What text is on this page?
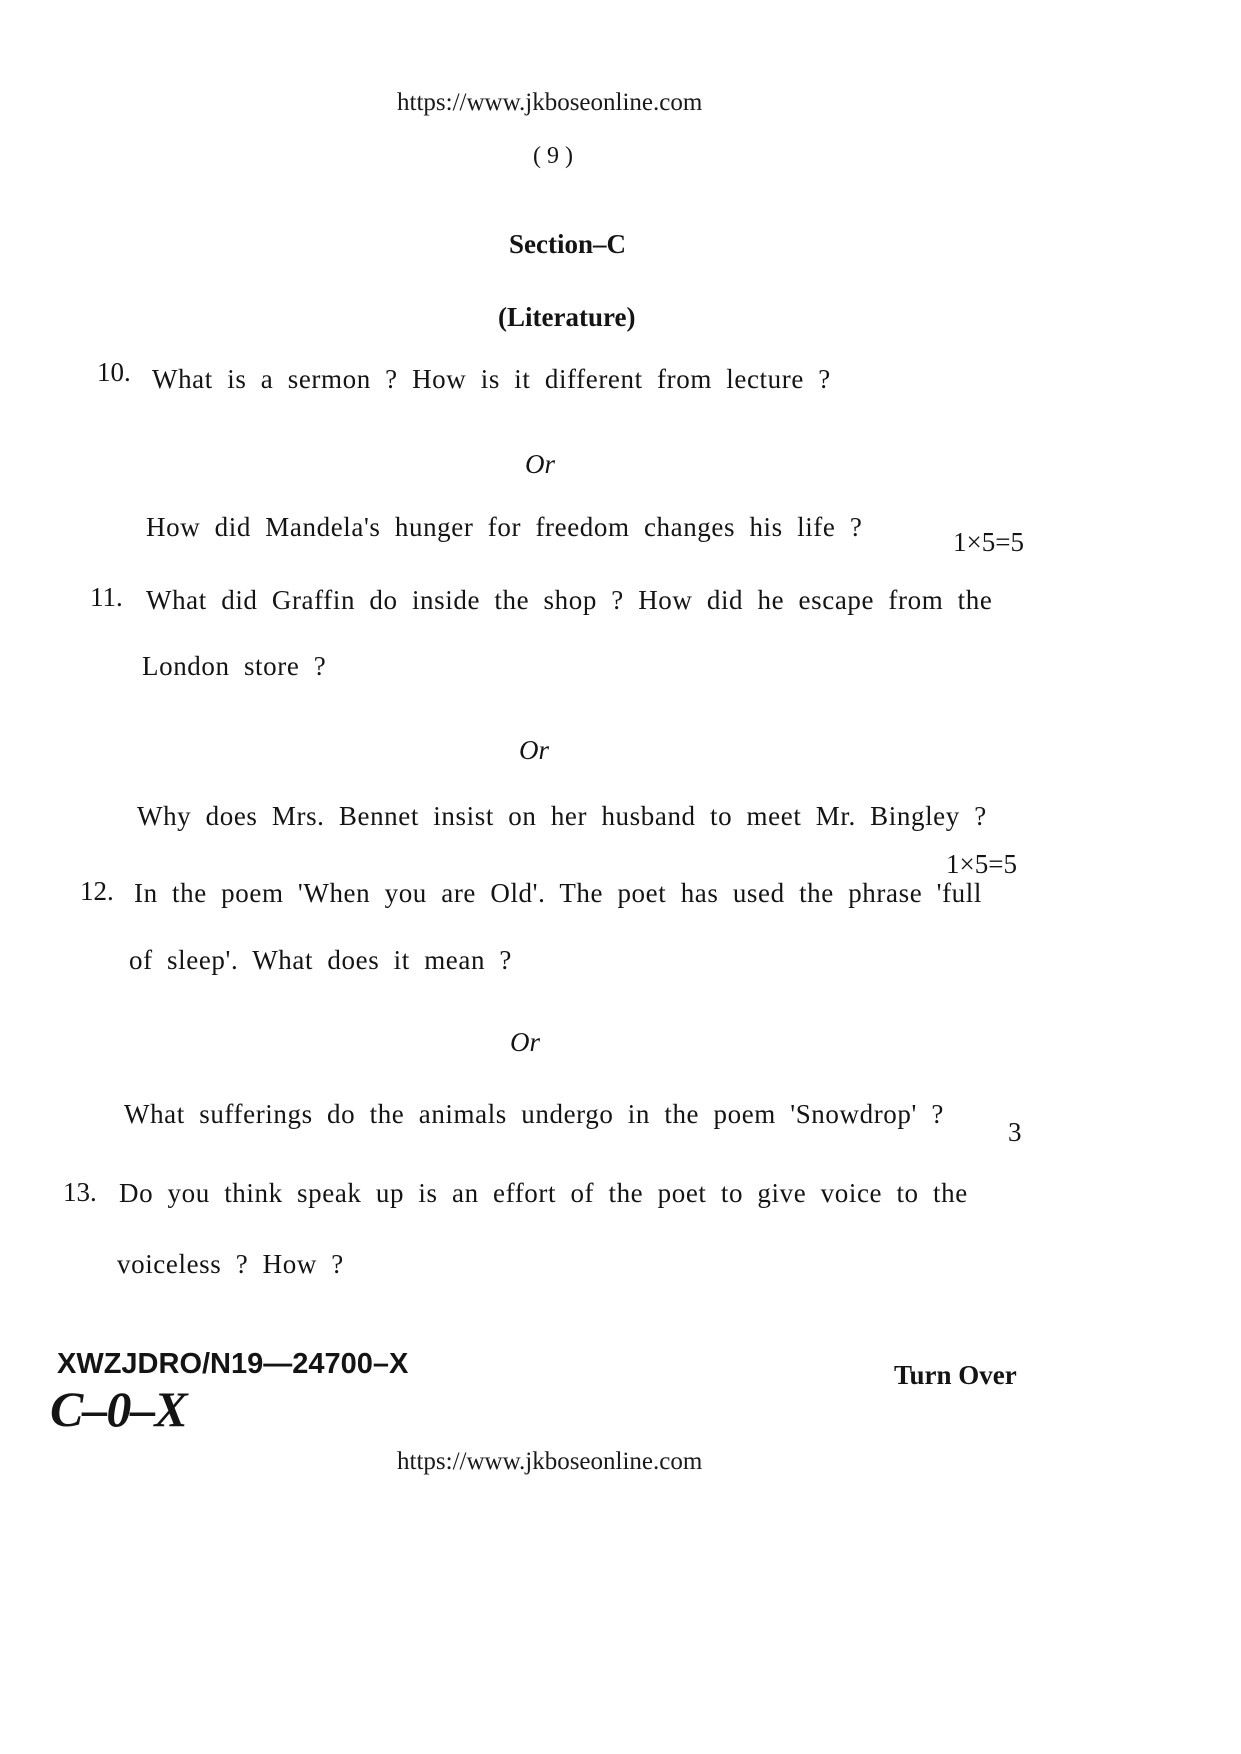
https://www.jkboseonline.com
( 9 )
Section–C
(Literature)
10. What is a sermon ? How is it different from lecture ?
Or
How did Mandela's hunger for freedom changes his life ?	1×5=5
11. What did Graffin do inside the shop ? How did he escape from the
London store ?
Or
Why does Mrs. Bennet insist on her husband to meet Mr. Bingley ?
1×5=5
12. In the poem 'When you are Old'. The poet has used the phrase 'full
of sleep'. What does it mean ?
Or
What sufferings do the animals undergo in the poem 'Snowdrop' ?
3
13. Do you think speak up is an effort of the poet to give voice to the
voiceless ? How ?
XWZJDRO/N19—24700–X
C–0–X
Turn Over
https://www.jkboseonline.com
